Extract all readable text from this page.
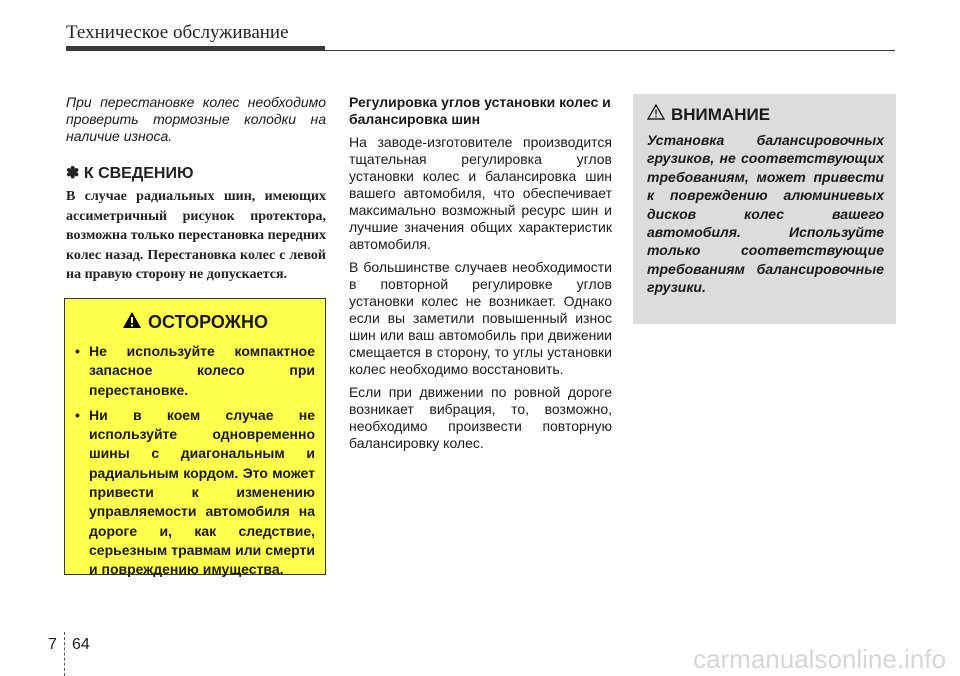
Техническое обслуживание

При перестановке колес необходимо проверить тормозные колодки на наличие износа.

✽ К СВЕДЕНИЮ

В случае радиальных шин, имеющих ассиметричный рисунок протектора, возможна только перестановка передних колес назад. Перестановка колес с левой на правую сторону не допускается.

ОСТОРОЖНО
• Не используйте компактное запасное колесо при перестановке.
• Ни в коем случае не используйте одновременно шины с диагональным и радиальным кордом. Это может привести к изменению управляемости автомобиля на дороге и, как следствие, серьезным травмам или смерти и повреждению имущества.

Регулировка углов установки колес и балансировка шин

На заводе-изготовителе производится тщательная регулировка углов установки колес и балансировка шин вашего автомобиля, что обеспечивает максимально возможный ресурс шин и лучшие значения общих характеристик автомобиля.

В большинстве случаев необходимости в повторной регулировке углов установки колес не возникает. Однако если вы заметили повышенный износ шин или ваш автомобиль при движении смещается в сторону, то углы установки колес необходимо восстановить.

Если при движении по ровной дороге возникает вибрация, то, возможно, необходимо произвести повторную балансировку колес.

ВНИМАНИЕ

Установка балансировочных грузиков, не соответствующих требованиям, может привести к повреждению алюминиевых дисков колес вашего автомобиля. Используйте только соответствующие требованиям балансировочные грузики.

7 64	carmanualsonline.info
